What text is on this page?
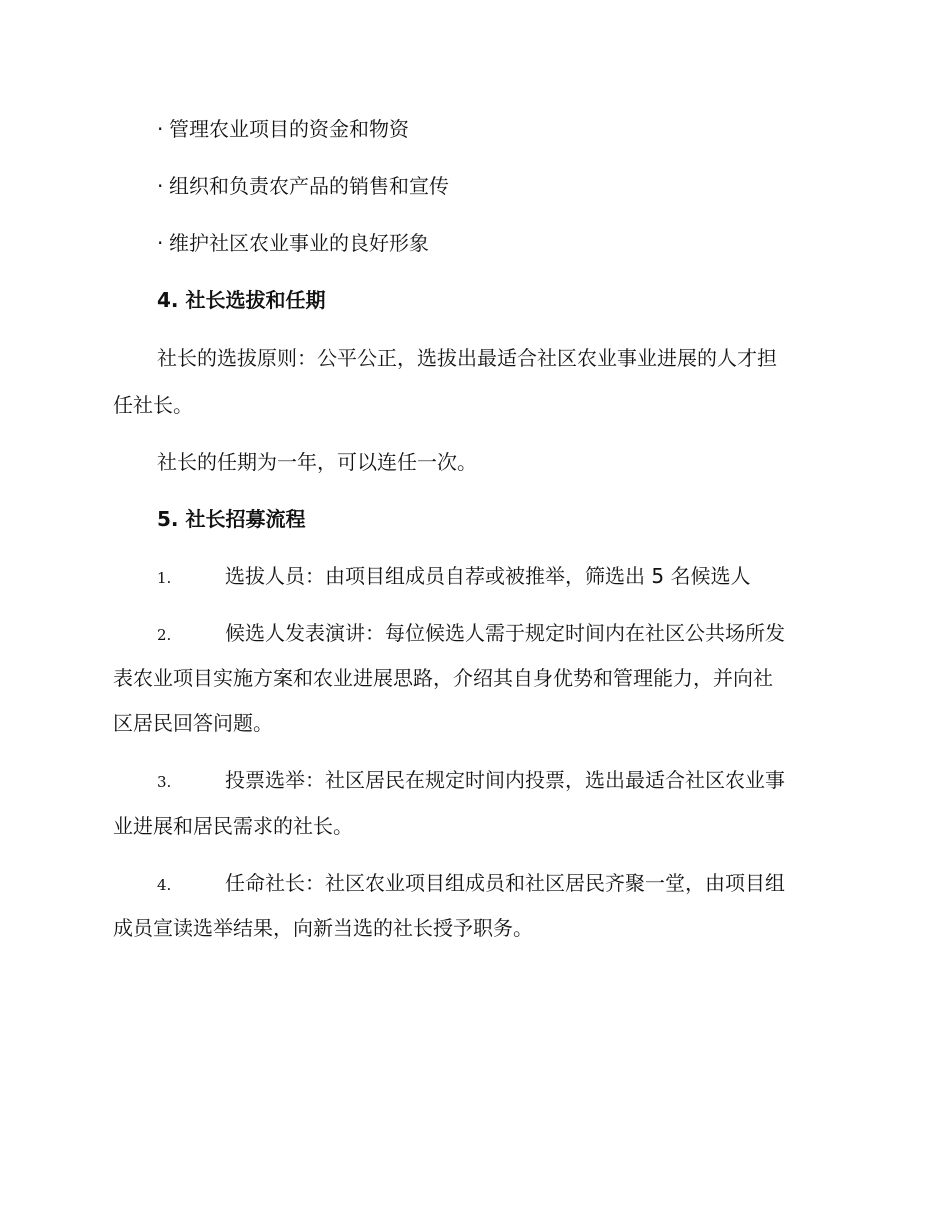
· 管理农业项目的资金和物资
· 组织和负责农产品的销售和宣传
· 维护社区农业事业的良好形象
4. 社长选拔和任期
社长的选拔原则：公平公正，选拔出最适合社区农业事业进展的人才担
任社长。
社长的任期为一年，可以连任一次。
5. 社长招募流程
1.	选拔人员：由项目组成员自荐或被推举，筛选出 5 名候选人
2.	候选人发表演讲：每位候选人需于规定时间内在社区公共场所发
表农业项目实施方案和农业进展思路，介绍其自身优势和管理能力，并向社
区居民回答问题。
3.	投票选举：社区居民在规定时间内投票，选出最适合社区农业事
业进展和居民需求的社长。
4.	任命社长：社区农业项目组成员和社区居民齐聚一堂，由项目组
成员宣读选举结果，向新当选的社长授予职务。
